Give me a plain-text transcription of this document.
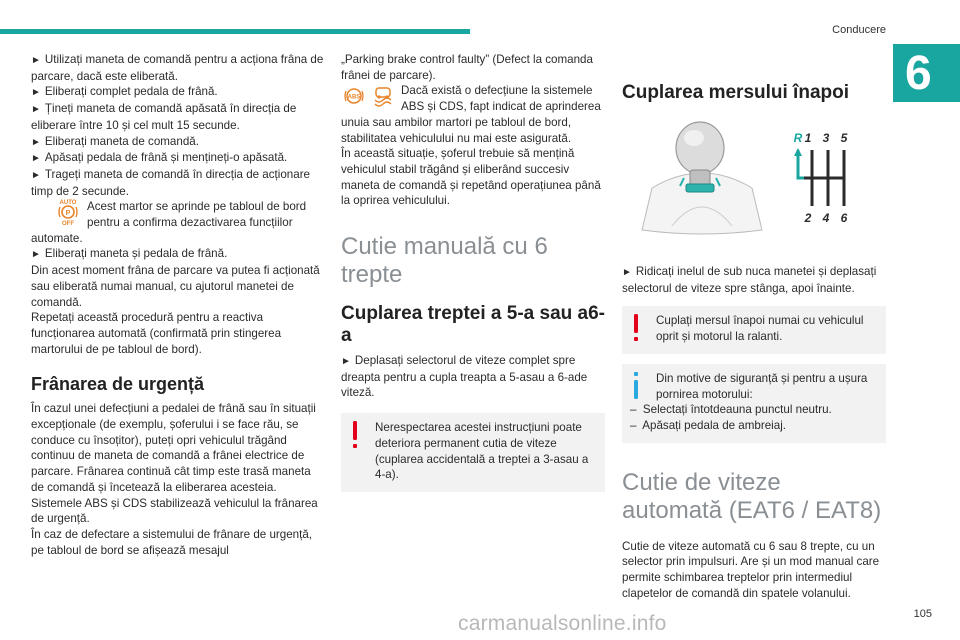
Conducere
6

► Utilizați maneta de comandă pentru a acționa frâna de parcare, dacă este eliberată.

► Eliberați complet pedala de frână.

► Țineți maneta de comandă apăsată în direcția de eliberare între 10 și cel mult 15 secunde.

► Eliberați maneta de comandă.

► Apăsați pedala de frână și mențineți-o apăsată.

► Trageți maneta de comandă în direcția de acționare timp de 2 secunde.

AUTO
P
OFF
Acest martor se aprinde pe tabloul de bord pentru a confirma dezactivarea funcțiilor automate.

► Eliberați maneta și pedala de frână.

Din acest moment frâna de parcare va putea fi acționată sau eliberată numai manual, cu ajutorul manetei de comandă.

Repetați această procedură pentru a reactiva funcționarea automată (confirmată prin stingerea martorului de pe tabloul de bord).

Frânarea de urgență

În cazul unei defecțiuni a pedalei de frână sau în situații excepționale (de exemplu, șoferului i se face rău, se conduce cu însoțitor), puteți opri vehiculul trăgând continuu de maneta de comandă a frânei electrice de parcare. Frânarea continuă cât timp este trasă maneta de comandă și încetează la eliberarea acesteia.

Sistemele ABS și CDS stabilizează vehiculul la frânarea de urgență.

În caz de defectare a sistemului de frânare de urgență, pe tabloul de bord se afișează mesajul

„Parking brake control faulty” (Defect la comanda frânei de parcare).

ABS
Dacă există o defecțiune la sistemele ABS și CDS, fapt indicat de aprinderea unuia sau ambilor martori pe tabloul de bord, stabilitatea vehiculului nu mai este asigurată.

În această situație, șoferul trebuie să mențină vehiculul stabil trăgând și eliberând succesiv maneta de comandă și repetând operațiunea până la oprirea vehiculului.

Cutie manuală cu 6 trepte
Cuplarea treptei a 5-a sau a6-a

► Deplasați selectorul de viteze complet spre dreapta pentru a cupla treapta a 5-asau a 6-ade viteză.

Nerespectarea acestei instrucțiuni poate deteriora permanent cutia de viteze (cuplarea accidentală a treptei a 3-asau a 4-a).
Cuplarea mersului înapoi
R 1 3 5
2 4 6

► Ridicați inelul de sub nuca manetei și deplasați selectorul de viteze spre stânga, apoi înainte.

Cuplați mersul înapoi numai cu vehiculul oprit și motorul la ralanti.
Din motive de siguranță și pentru a ușura pornirea motorului:
–  Selectați întotdeauna punctul neutru.
–  Apăsați pedala de ambreiaj.
Cutie de viteze automată (EAT6 / EAT8)

Cutie de viteze automată cu 6 sau 8 trepte, cu un selector prin impulsuri. Are și un mod manual care permite schimbarea treptelor prin intermediul clapetelor de comandă din spatele volanului.

carmanualsonline.info	105
